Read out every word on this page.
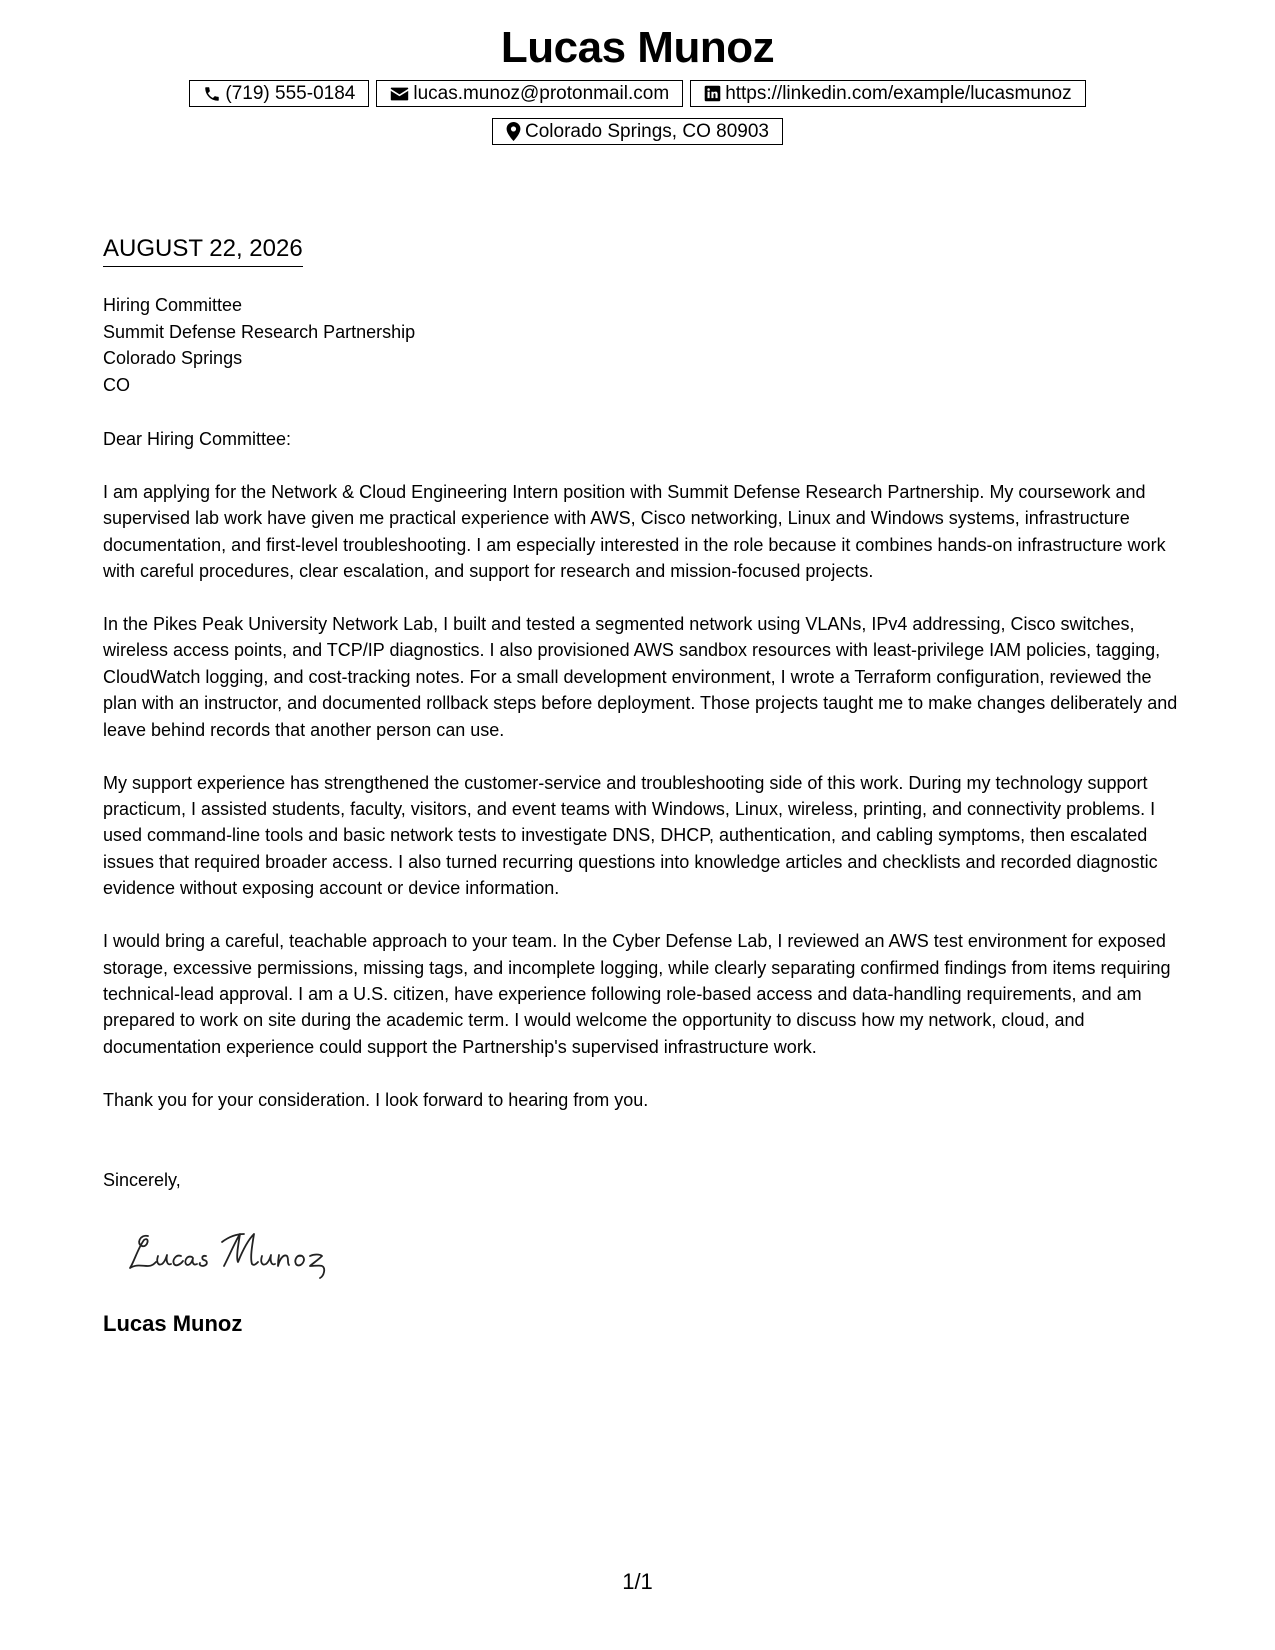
Lucas Munoz
(719) 555-0184	lucas.munoz@protonmail.com	https://linkedin.com/example/lucasmunoz
Colorado Springs, CO 80903
AUGUST 22, 2026
Hiring Committee
Summit Defense Research Partnership
Colorado Springs
CO
Dear Hiring Committee:

I am applying for the Network & Cloud Engineering Intern position with Summit Defense Research Partnership. My coursework and supervised lab work have given me practical experience with AWS, Cisco networking, Linux and Windows systems, infrastructure documentation, and first-level troubleshooting. I am especially interested in the role because it combines hands-on infrastructure work with careful procedures, clear escalation, and support for research and mission-focused projects.

In the Pikes Peak University Network Lab, I built and tested a segmented network using VLANs, IPv4 addressing, Cisco switches, wireless access points, and TCP/IP diagnostics. I also provisioned AWS sandbox resources with least-privilege IAM policies, tagging, CloudWatch logging, and cost-tracking notes. For a small development environment, I wrote a Terraform configuration, reviewed the plan with an instructor, and documented rollback steps before deployment. Those projects taught me to make changes deliberately and leave behind records that another person can use.

My support experience has strengthened the customer-service and troubleshooting side of this work. During my technology support practicum, I assisted students, faculty, visitors, and event teams with Windows, Linux, wireless, printing, and connectivity problems. I used command-line tools and basic network tests to investigate DNS, DHCP, authentication, and cabling symptoms, then escalated issues that required broader access. I also turned recurring questions into knowledge articles and checklists and recorded diagnostic evidence without exposing account or device information.

I would bring a careful, teachable approach to your team. In the Cyber Defense Lab, I reviewed an AWS test environment for exposed storage, excessive permissions, missing tags, and incomplete logging, while clearly separating confirmed findings from items requiring technical-lead approval. I am a U.S. citizen, have experience following role-based access and data-handling requirements, and am prepared to work on site during the academic term. I would welcome the opportunity to discuss how my network, cloud, and documentation experience could support the Partnership's supervised infrastructure work.

Thank you for your consideration. I look forward to hearing from you.

Sincerely,
Lucas Munoz
1/1
